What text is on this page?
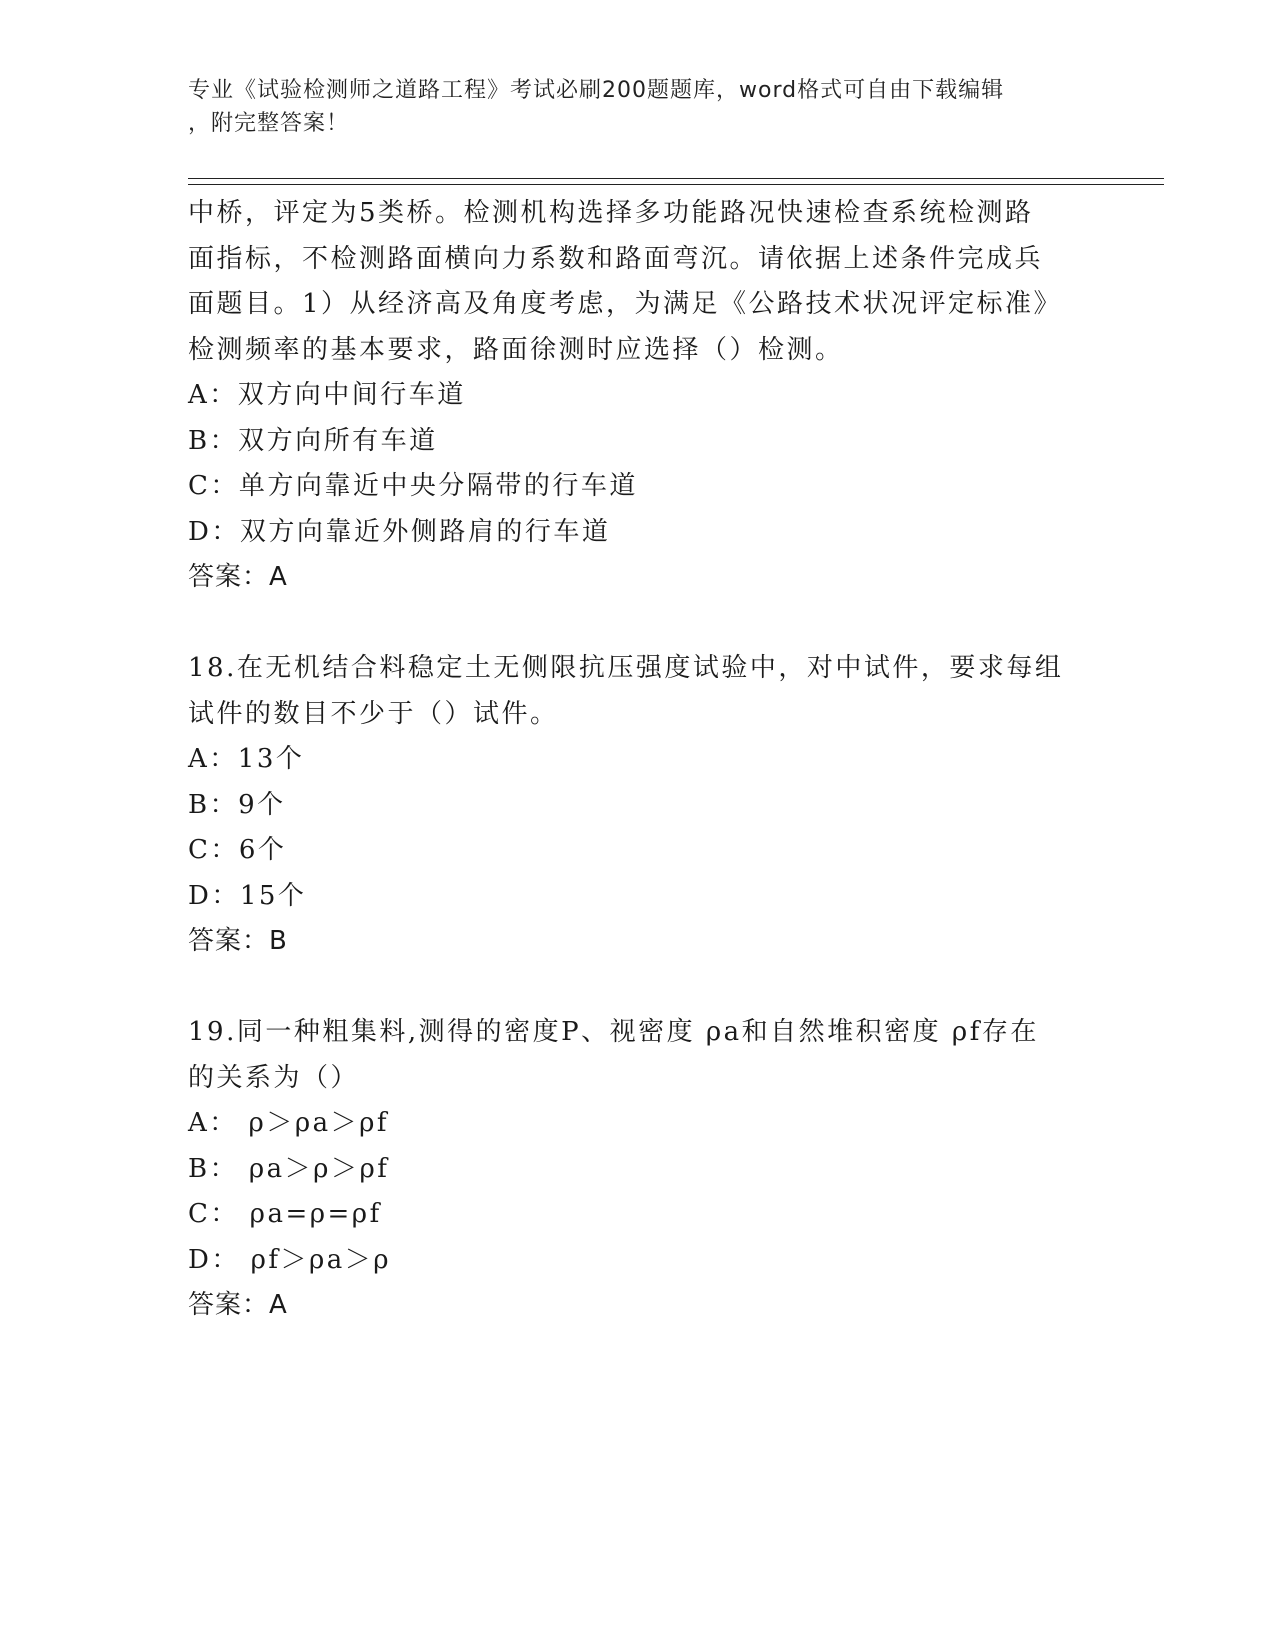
专业《试验检测师之道路工程》考试必刷200题题库，word格式可自由下载编辑

，附完整答案！

中桥，评定为5类桥。检测机构选择多功能路况快速检查系统检测路

面指标，不检测路面横向力系数和路面弯沉。请依据上述条件完成兵

面题目。1）从经济高及角度考虑，为满足《公路技术状况评定标准》

检测频率的基本要求，路面徐测时应选择（）检测。

A：双方向中间行车道

B：双方向所有车道

C：单方向靠近中央分隔带的行车道

D：双方向靠近外侧路肩的行车道

答案：A

18.在无机结合料稳定土无侧限抗压强度试验中，对中试件，要求每组

试件的数目不少于（）试件。

A：13个

B：9个

C：6个

D：15个

答案：B

19.同一种粗集料,测得的密度P、视密度 ρa和自然堆积密度 ρf存在

的关系为（）

A： ρ＞ρa＞ρf

B： ρa＞ρ＞ρf

C： ρa=ρ=ρf

D： ρf＞ρa＞ρ

答案：A
